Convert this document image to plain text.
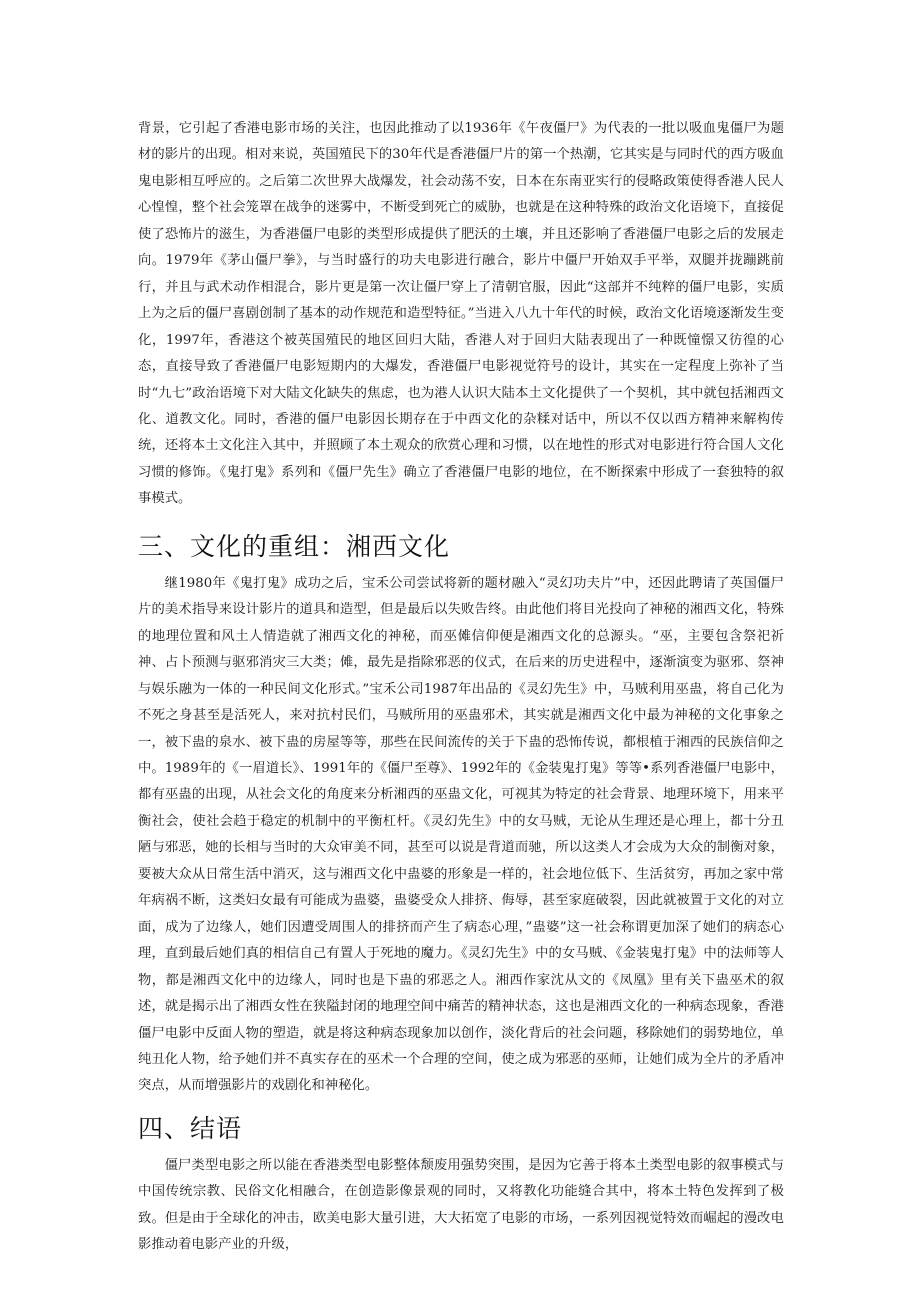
背景，它引起了香港电影市场的关注，也因此推动了以1936年《午夜僵尸》为代表的一批以吸血鬼僵尸为题材的影片的出现。相对来说，英国殖民下的30年代是香港僵尸片的第一个热潮，它其实是与同时代的西方吸血鬼电影相互呼应的。之后第二次世界大战爆发，社会动荡不安，日本在东南亚实行的侵略政策使得香港人民人心惶惶，整个社会笼罩在战争的迷雾中，不断受到死亡的威胁，也就是在这种特殊的政治文化语境下，直接促使了恐怖片的滋生，为香港僵尸电影的类型形成提供了肥沃的土壤，并且还影响了香港僵尸电影之后的发展走向。1979年《茅山僵尸拳》，与当时盛行的功夫电影进行融合，影片中僵尸开始双手平举，双腿并拢蹦跳前行，并且与武术动作相混合，影片更是第一次让僵尸穿上了清朝官服，因此“这部并不纯粹的僵尸电影，实质上为之后的僵尸喜剧创制了基本的动作规范和造型特征。”当进入八九十年代的时候，政治文化语境逐渐发生变化，1997年，香港这个被英国殖民的地区回归大陆，香港人对于回归大陆表现出了一种既憧憬又彷徨的心态，直接导致了香港僵尸电影短期内的大爆发，香港僵尸电影视觉符号的设计，其实在一定程度上弥补了当时“九七”政治语境下对大陆文化缺失的焦虑，也为港人认识大陆本土文化提供了一个契机，其中就包括湘西文化、道教文化。同时，香港的僵尸电影因长期存在于中西文化的杂糅对话中，所以不仅以西方精神来解构传统，还将本土文化注入其中，并照顾了本土观众的欣赏心理和习惯，以在地性的形式对电影进行符合国人文化习惯的修饰。《鬼打鬼》系列和《僵尸先生》确立了香港僵尸电影的地位，在不断探索中形成了一套独特的叙事模式。

三、文化的重组：湘西文化

继1980年《鬼打鬼》成功之后，宝禾公司尝试将新的题材融入“灵幻功夫片”中，还因此聘请了英国僵尸片的美术指导来设计影片的道具和造型，但是最后以失败告终。由此他们将目光投向了神秘的湘西文化，特殊的地理位置和风土人情造就了湘西文化的神秘，而巫傩信仰便是湘西文化的总源头。“巫，主要包含祭祀祈神、占卜预测与驱邪消灾三大类；傩，最先是指除邪恶的仪式，在后来的历史进程中，逐渐演变为驱邪、祭神与娱乐融为一体的一种民间文化形式。”宝禾公司1987年出品的《灵幻先生》中，马贼利用巫蛊，将自己化为不死之身甚至是活死人，来对抗村民们，马贼所用的巫蛊邪术，其实就是湘西文化中最为神秘的文化事象之一，被下蛊的泉水、被下蛊的房屋等等，那些在民间流传的关于下蛊的恐怖传说，都根植于湘西的民族信仰之中。1989年的《一眉道长》、1991年的《僵尸至尊》、1992年的《金装鬼打鬼》等等•系列香港僵尸电影中，都有巫蛊的出现，从社会文化的角度来分析湘西的巫蛊文化，可视其为特定的社会背景、地理环境下，用来平衡社会，使社会趋于稳定的机制中的平衡杠杆。《灵幻先生》中的女马贼，无论从生理还是心理上，都十分丑陋与邪恶，她的长相与当时的大众审美不同，甚至可以说是背道而驰，所以这类人才会成为大众的制衡对象，要被大众从日常生活中消灭，这与湘西文化中蛊婆的形象是一样的，社会地位低下、生活贫穷，再加之家中常年病祸不断，这类妇女最有可能成为蛊婆，蛊婆受众人排挤、侮辱，甚至家庭破裂，因此就被置于文化的对立面，成为了边缘人，她们因遭受周围人的排挤而产生了病态心理，”蛊婆”这一社会称谓更加深了她们的病态心理，直到最后她们真的相信自己有置人于死地的魔力。《灵幻先生》中的女马贼、《金装鬼打鬼》中的法师等人物，都是湘西文化中的边缘人，同时也是下蛊的邪恶之人。湘西作家沈从文的《凤凰》里有关下蛊巫术的叙述，就是揭示出了湘西女性在狭隘封闭的地理空间中痛苦的精神状态，这也是湘西文化的一种病态现象，香港僵尸电影中反面人物的塑造，就是将这种病态现象加以创作，淡化背后的社会问题，移除她们的弱势地位，单纯丑化人物，给予她们并不真实存在的巫术一个合理的空间，使之成为邪恶的巫师，让她们成为全片的矛盾冲突点，从而增强影片的戏剧化和神秘化。

四、结语

僵尸类型电影之所以能在香港类型电影整体颓废用强势突围，是因为它善于将本土类型电影的叙事模式与中国传统宗教、民俗文化相融合，在创造影像景观的同时，又将教化功能缝合其中，将本土特色发挥到了极致。但是由于全球化的冲击，欧美电影大量引进，大大拓宽了电影的市场，一系列因视觉特效而崛起的漫改电影推动着电影产业的升级，
